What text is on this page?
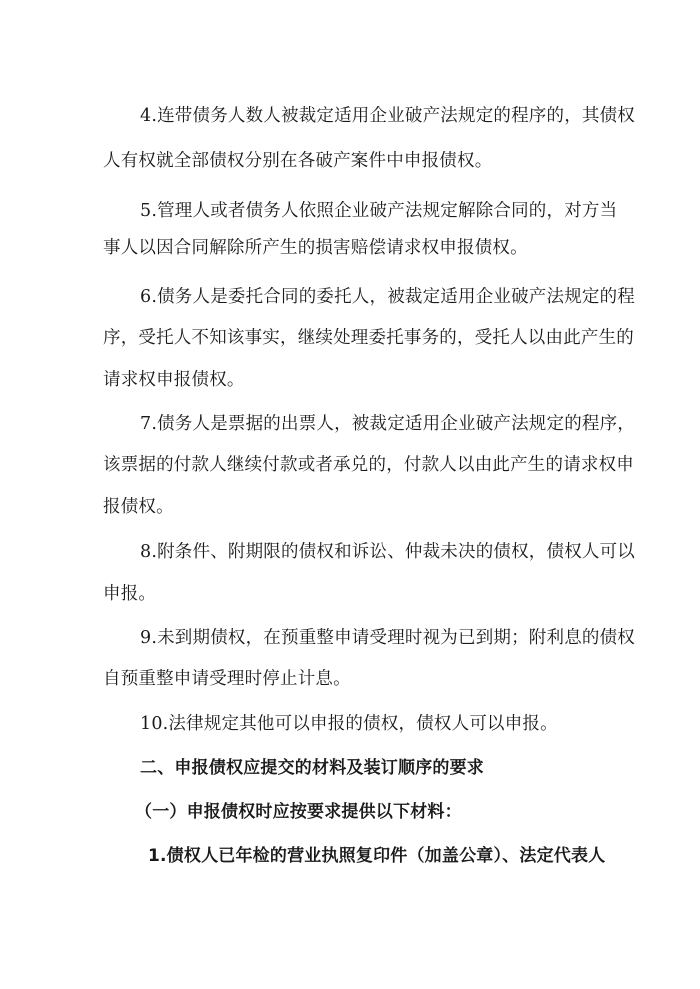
4.连带债务人数人被裁定适用企业破产法规定的程序的，其债权
人有权就全部债权分别在各破产案件中申报债权。
5.管理人或者债务人依照企业破产法规定解除合同的，对方当
事人以因合同解除所产生的损害赔偿请求权申报债权。
6.债务人是委托合同的委托人，被裁定适用企业破产法规定的程
序，受托人不知该事实，继续处理委托事务的，受托人以由此产生的
请求权申报债权。
7.债务人是票据的出票人，被裁定适用企业破产法规定的程序，
该票据的付款人继续付款或者承兑的，付款人以由此产生的请求权申
报债权。
8.附条件、附期限的债权和诉讼、仲裁未决的债权，债权人可以
申报。
9.未到期债权，在预重整申请受理时视为已到期；附利息的债权
自预重整申请受理时停止计息。
10.法律规定其他可以申报的债权，债权人可以申报。
二、申报债权应提交的材料及装订顺序的要求
（一）申报债权时应按要求提供以下材料：
1.债权人已年检的营业执照复印件（加盖公章）、法定代表人
